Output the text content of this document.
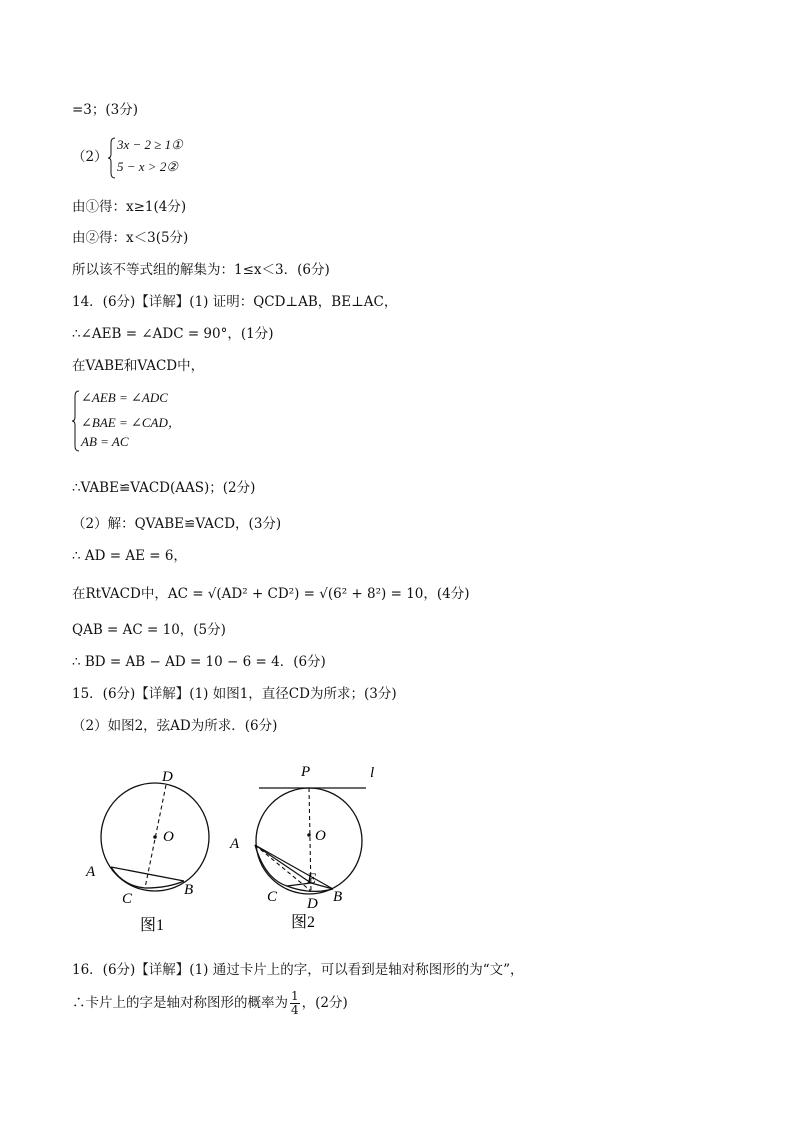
=3；(3分)
（2）
3x − 2 ≥ 1①
5 − x > 2②
由①得：x≥1(4分)
由②得：x＜3(5分)
所以该不等式组的解集为：1≤x＜3．(6分)
14．(6分)【详解】(1) 证明：QCD⊥AB，BE⊥AC，
∴∠AEB = ∠ADC = 90°，(1分)
在VABE和VACD中，
∠AEB = ∠ADC
∠BAE = ∠CAD，
AB = AC
∴VABE≌VACD(AAS)；(2分)
（2）解：QVABE≌VACD，(3分)
∴ AD = AE = 6，
在RtVACD中，AC = √(AD² + CD²) = √(6² + 8²) = 10，(4分)
QAB = AC = 10，(5分)
∴ BD = AB − AD = 10 − 6 = 4．(6分)
15．(6分)【详解】(1) 如图1，直径CD为所求；(3分)
（2）如图2，弦AD为所求．(6分)
D
O
A
C
B
图1
P	l
O
A
E
C D B
图2
16．(6分)【详解】(1) 通过卡片上的字，可以看到是轴对称图形的为“文”，
∴卡片上的字是轴对称图形的概率为 $\frac{1}{4}$ ，(2分)
